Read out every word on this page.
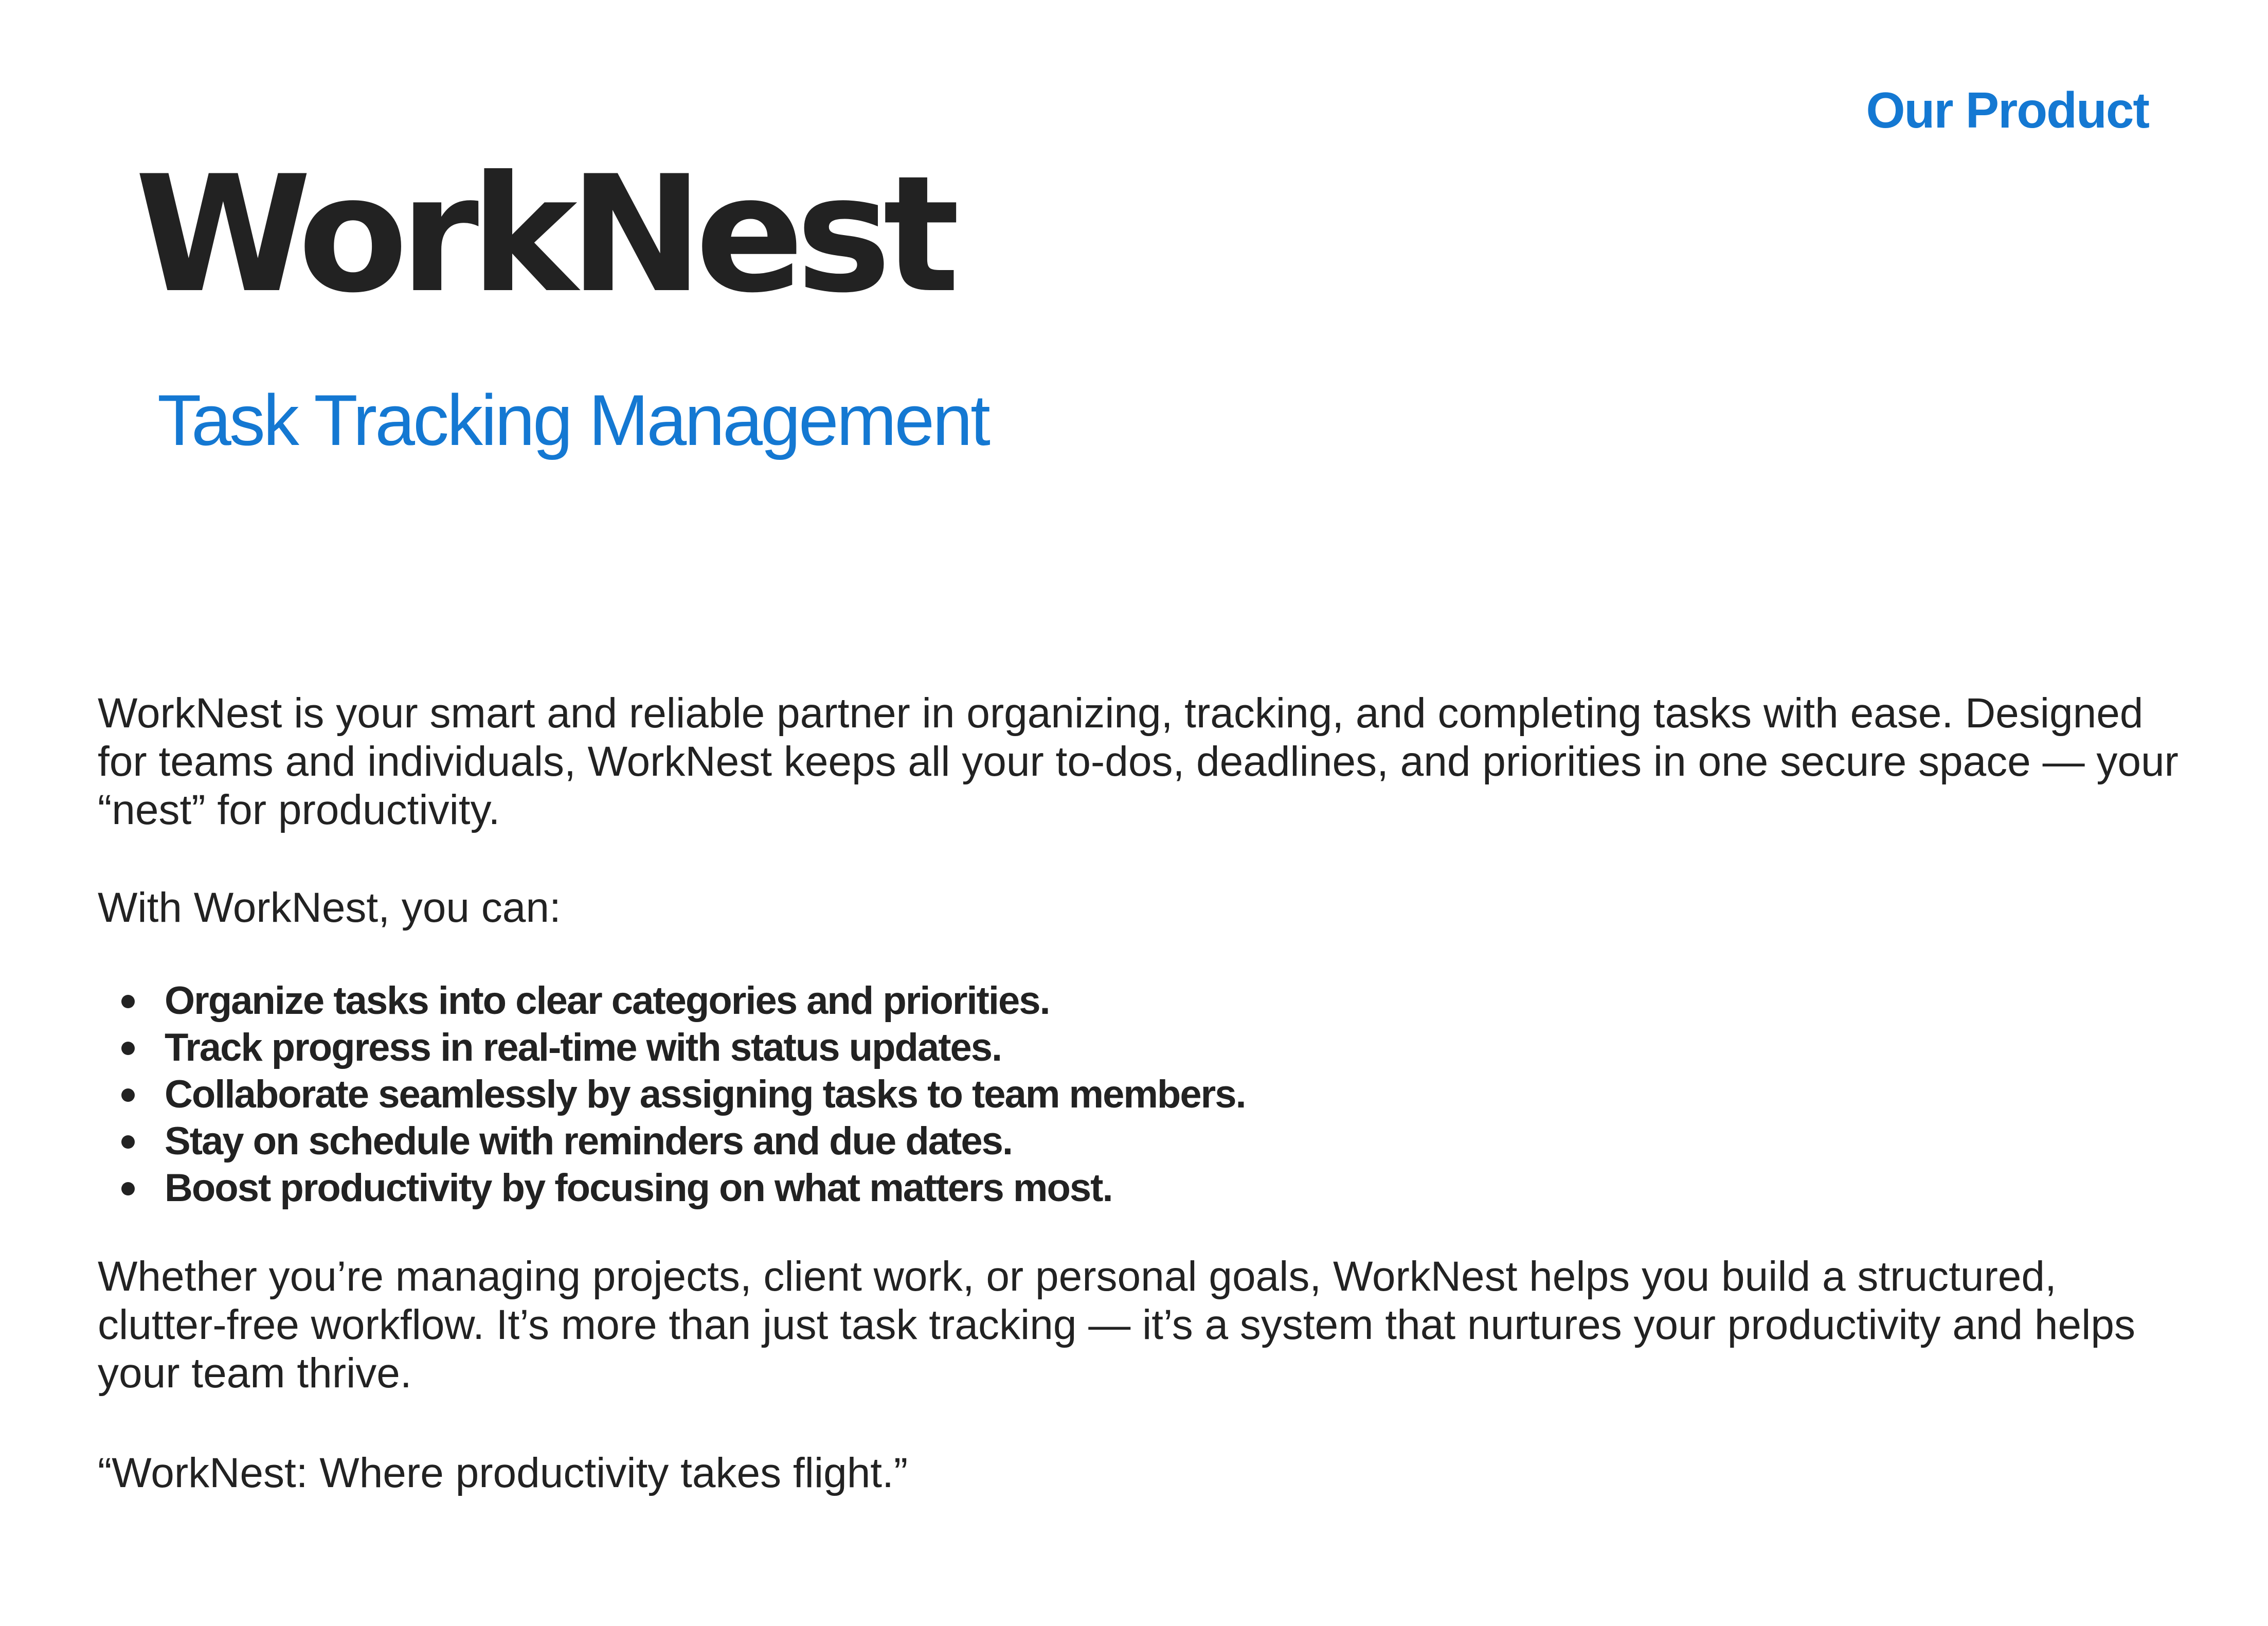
Our Product
WorkNest
Task Tracking Management

WorkNest is your smart and reliable partner in organizing, tracking, and completing tasks with ease. Designed for teams and individuals, WorkNest keeps all your to-dos, deadlines, and priorities in one secure space — your “nest” for productivity.

With WorkNest, you can:

Organize tasks into clear categories and priorities.
Track progress in real-time with status updates.
Collaborate seamlessly by assigning tasks to team members.
Stay on schedule with reminders and due dates.
Boost productivity by focusing on what matters most.

Whether you’re managing projects, client work, or personal goals, WorkNest helps you build a structured, clutter-free workflow. It’s more than just task tracking — it’s a system that nurtures your productivity and helps your team thrive.

“WorkNest: Where productivity takes flight.”
